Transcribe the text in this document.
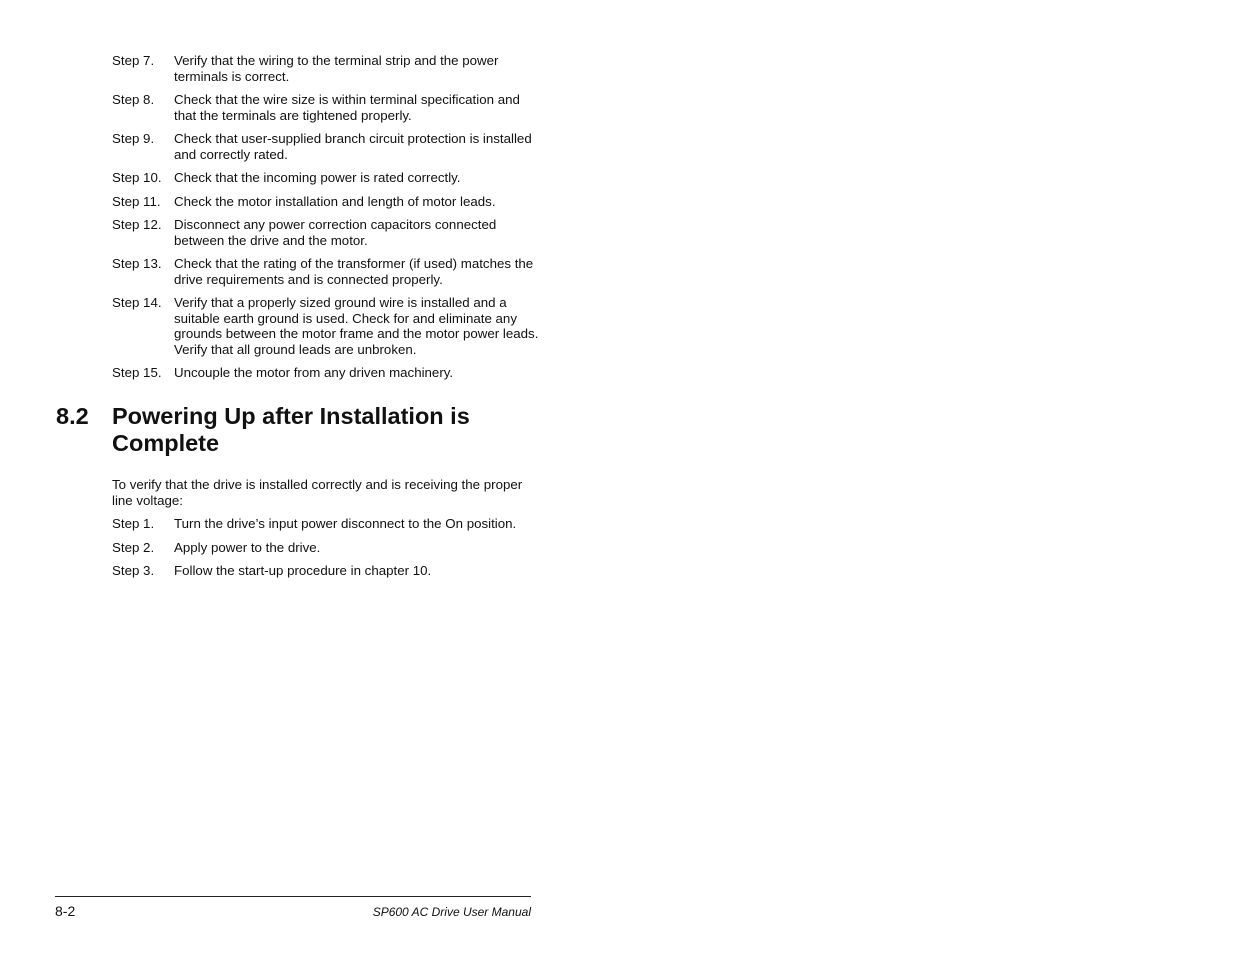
Step 7.	Verify that the wiring to the terminal strip and the power terminals is correct.
Step 8.	Check that the wire size is within terminal specification and that the terminals are tightened properly.
Step 9.	Check that user-supplied branch circuit protection is installed and correctly rated.
Step 10. Check that the incoming power is rated correctly.
Step 11.	Check the motor installation and length of motor leads.
Step 12. Disconnect any power correction capacitors connected between the drive and the motor.
Step 13. Check that the rating of the transformer (if used) matches the drive requirements and is connected properly.
Step 14. Verify that a properly sized ground wire is installed and a suitable earth ground is used. Check for and eliminate any grounds between the motor frame and the motor power leads. Verify that all ground leads are unbroken.
Step 15. Uncouple the motor from any driven machinery.
8.2 Powering Up after Installation is Complete
To verify that the drive is installed correctly and is receiving the proper line voltage:
Step 1.	Turn the drive’s input power disconnect to the On position.
Step 2.	Apply power to the drive.
Step 3.	Follow the start-up procedure in chapter 10.
8-2	SP600 AC Drive User Manual
